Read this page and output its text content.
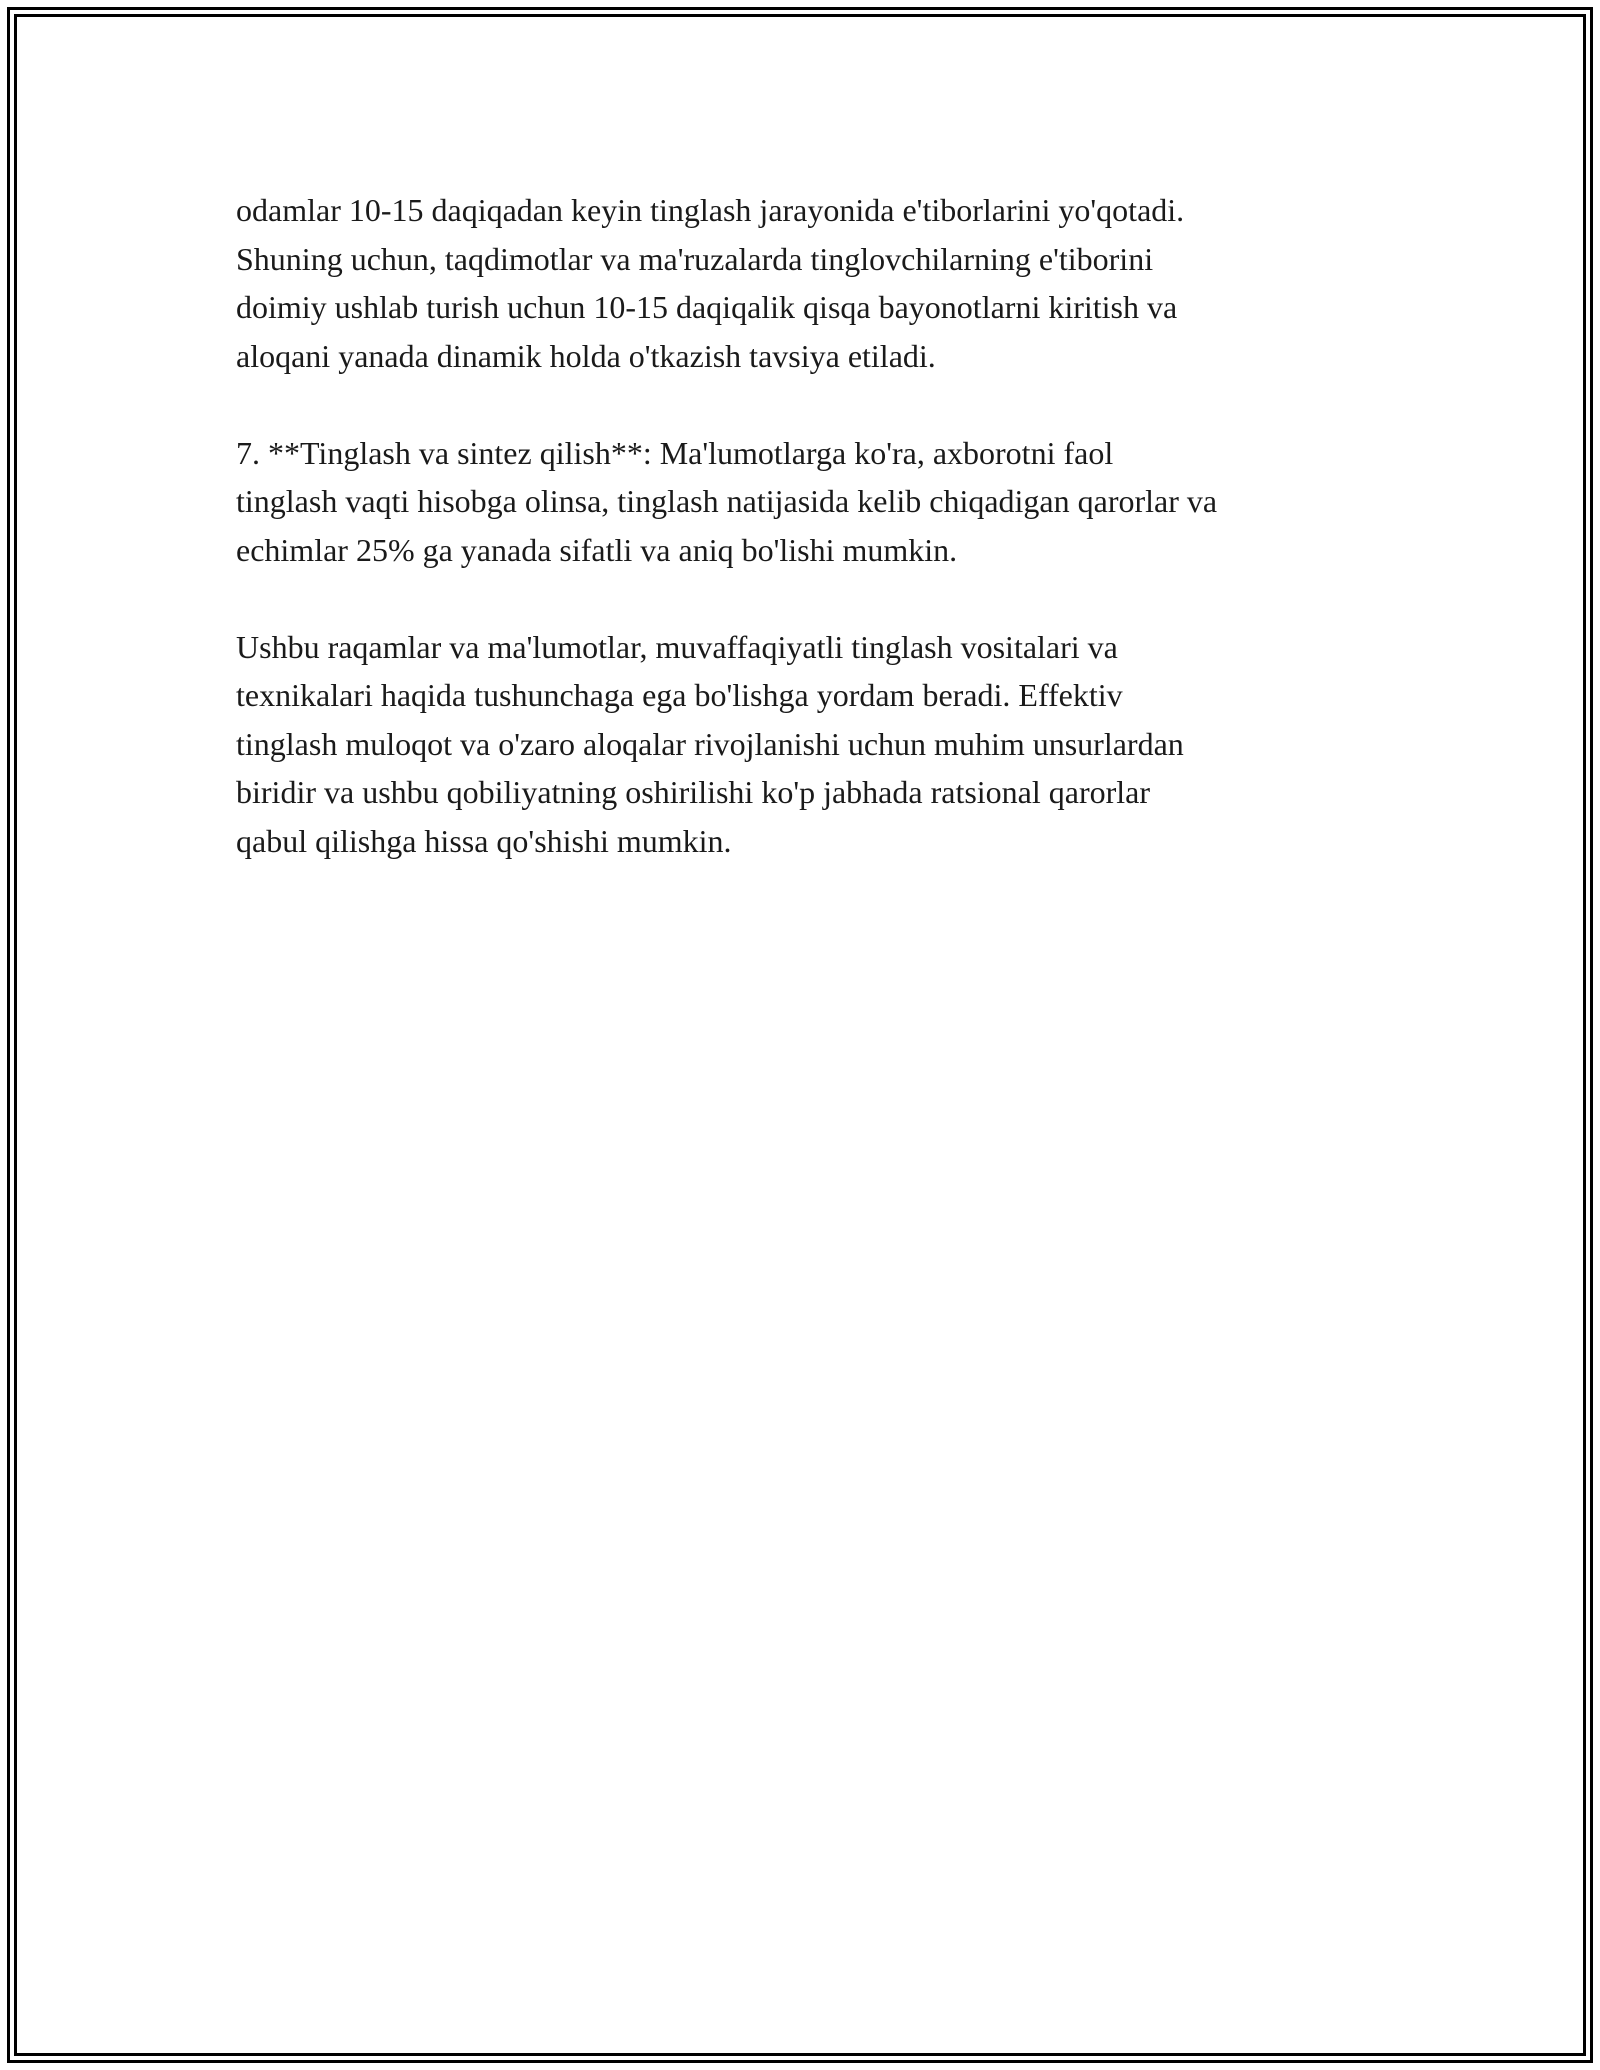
odamlar 10-15 daqiqadan keyin tinglash jarayonida e'tiborlarini yo'qotadi.
Shuning uchun, taqdimotlar va ma'ruzalarda tinglovchilarning e'tiborini
doimiy ushlab turish uchun 10-15 daqiqalik qisqa bayonotlarni kiritish va
aloqani yanada dinamik holda o'tkazish tavsiya etiladi.

7. **Tinglash va sintez qilish**: Ma'lumotlarga ko'ra, axborotni faol
tinglash vaqti hisobga olinsa, tinglash natijasida kelib chiqadigan qarorlar va
echimlar 25% ga yanada sifatli va aniq bo'lishi mumkin.

Ushbu raqamlar va ma'lumotlar, muvaffaqiyatli tinglash vositalari va
texnikalari haqida tushunchaga ega bo'lishga yordam beradi. Effektiv
tinglash muloqot va o'zaro aloqalar rivojlanishi uchun muhim unsurlardan
biridir va ushbu qobiliyatning oshirilishi ko'p jabhada ratsional qarorlar
qabul qilishga hissa qo'shishi mumkin.
